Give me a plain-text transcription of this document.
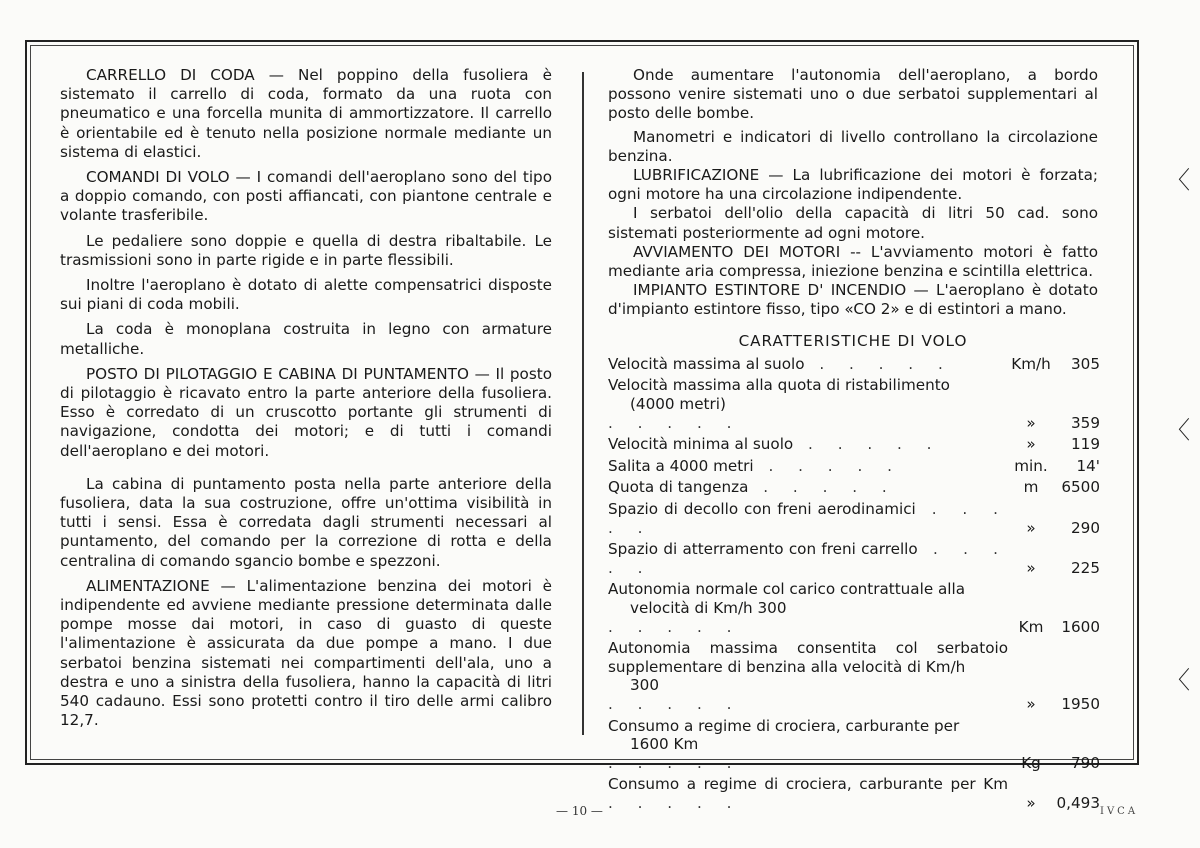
CARRELLO DI CODA — Nel poppino della fusoliera è sistemato il carrello di coda, formato da una ruota con pneumatico e una forcella munita di ammortizzatore. Il carrello è orientabile ed è tenuto nella posizione normale mediante un sistema di elastici.

COMANDI DI VOLO — I comandi dell'aeroplano sono del tipo a doppio comando, con posti affiancati, con piantone centrale e volante trasferibile.

Le pedaliere sono doppie e quella di destra ribaltabile. Le trasmissioni sono in parte rigide e in parte flessibili.

Inoltre l'aeroplano è dotato di alette compensatrici disposte sui piani di coda mobili.

La coda è monoplana costruita in legno con armature metalliche.

POSTO DI PILOTAGGIO E CABINA DI PUNTAMENTO — Il posto di pilotaggio è ricavato entro la parte anteriore della fusoliera. Esso è corredato di un cruscotto portante gli strumenti di navigazione, condotta dei motori; e di tutti i comandi dell'aeroplano e dei motori.

La cabina di puntamento posta nella parte anteriore della fusoliera, data la sua costruzione, offre un'ottima visibilità in tutti i sensi. Essa è corredata dagli strumenti necessari al puntamento, del comando per la correzione di rotta e della centralina di comando sgancio bombe e spezzoni.

ALIMENTAZIONE — L'alimentazione benzina dei motori è indipendente ed avviene mediante pressione determinata dalle pompe mosse dai motori, in caso di guasto di queste l'alimentazione è assicurata da due pompe a mano. I due serbatoi benzina sistemati nei compartimenti dell'ala, uno a destra e uno a sinistra della fusoliera, hanno la capacità di litri 540 cadauno. Essi sono protetti contro il tiro delle armi calibro 12,7.

Onde aumentare l'autonomia dell'aeroplano, a bordo possono venire sistemati uno o due serbatoi supplementari al posto delle bombe.

Manometri e indicatori di livello controllano la circolazione benzina.

LUBRIFICAZIONE — La lubrificazione dei motori è forzata; ogni motore ha una circolazione indipendente.

I serbatoi dell'olio della capacità di litri 50 cad. sono sistemati posteriormente ad ogni motore.

AVVIAMENTO DEI MOTORI -- L'avviamento motori è fatto mediante aria compressa, iniezione benzina e scintilla elettrica.

IMPIANTO ESTINTORE D' INCENDIO — L'aeroplano è dotato d'impianto estintore fisso, tipo «CO 2» e di estintori a mano.

CARATTERISTICHE DI VOLO
Velocità massima al suolo . . . . .	Km/h	305
Velocità massima alla quota di ristabilimento
(4000 metri)
. . . . .	»	359
Velocità minima al suolo . . . . .	»	119
Salita a 4000 metri . . . . .	min.	14'
Quota di tangenza . . . . .	m	6500
Spazio di decollo con freni aerodinamici . . . . .	»	290
Spazio di atterramento con freni carrello . . . . .	»	225
Autonomia normale col carico contrattuale alla
velocità di Km/h 300
. . . . .	Km	1600
Autonomia massima consentita col serbatoio supplementare di benzina alla velocità di Km/h
300
. . . . .	»	1950
Consumo a regime di crociera, carburante per
1600 Km
. . . . .	Kg	790
Consumo a regime di crociera, carburante per Km . . . . .	»	0,493
〈
〈
〈
— 10 —	IVCA
